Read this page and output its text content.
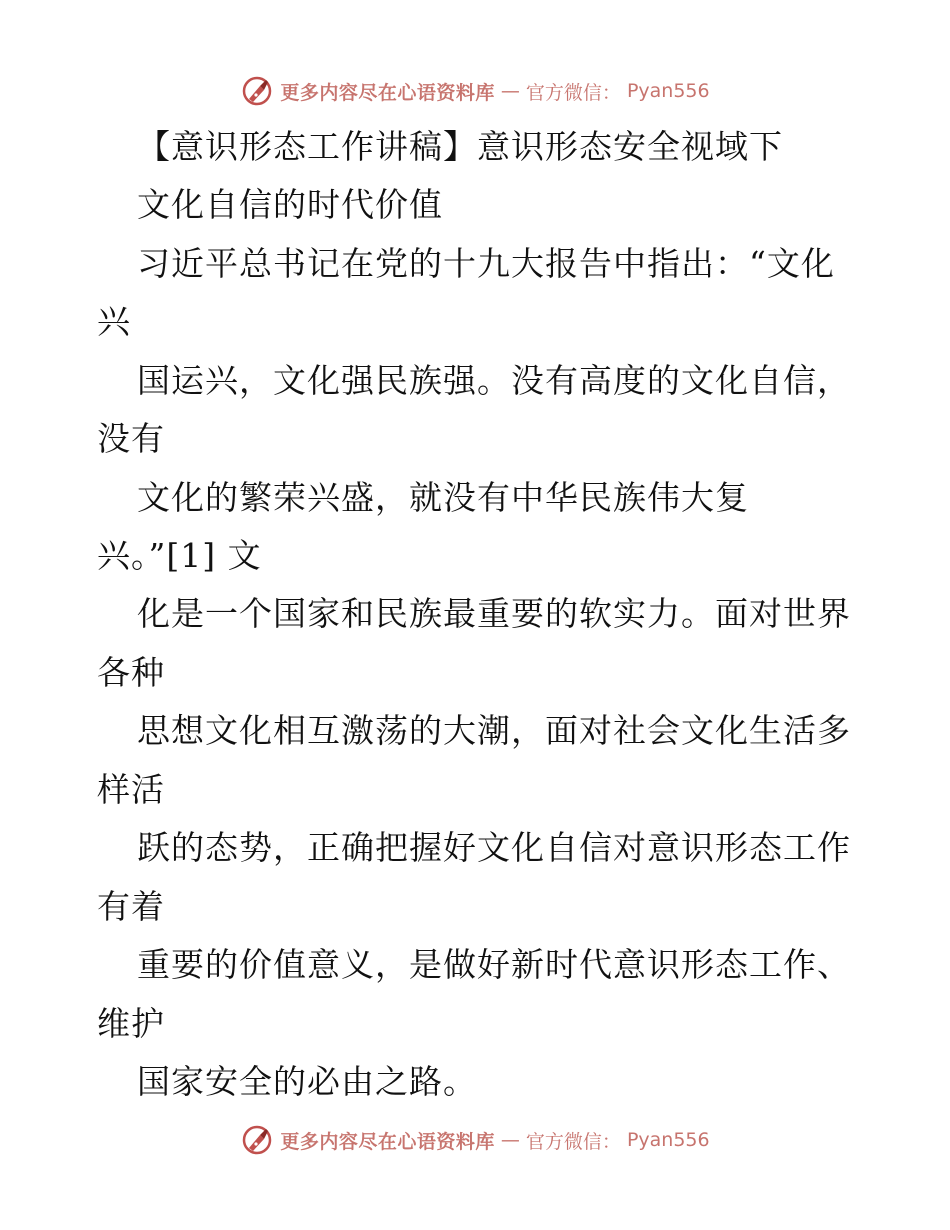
更多内容尽在心语资料库 — 官方微信： Pyan556
【意识形态工作讲稿】意识形态安全视域下
文化自信的时代价值
习近平总书记在党的十九大报告中指出：“文化
兴
国运兴，文化强民族强。没有高度的文化自信，
没有
文化的繁荣兴盛，就没有中华民族伟大复
兴。”[1] 文
化是一个国家和民族最重要的软实力。面对世界
各种
思想文化相互激荡的大潮，面对社会文化生活多
样活
跃的态势，正确把握好文化自信对意识形态工作
有着
重要的价值意义，是做好新时代意识形态工作、
维护
国家安全的必由之路。
更多内容尽在心语资料库 — 官方微信： Pyan556
